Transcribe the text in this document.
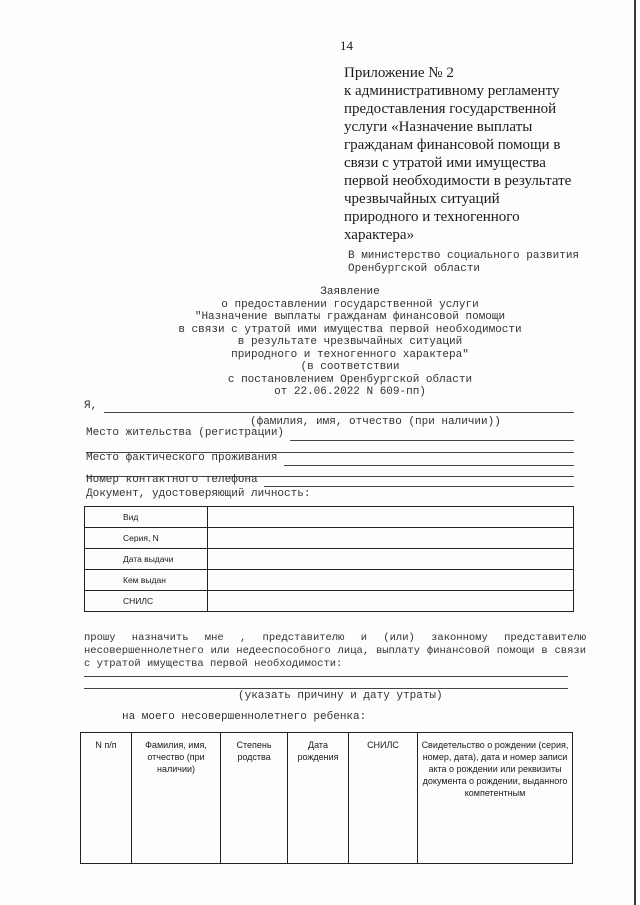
14
Приложение № 2
к административному регламенту
предоставления государственной
услуги «Назначение выплаты
гражданам финансовой помощи в
связи с утратой ими имущества
первой необходимости в результате
чрезвычайных ситуаций
природного и техногенного
характера»
В министерство социального развития
Оренбургской области
Заявление
о предоставлении государственной услуги
"Назначение выплаты гражданам финансовой помощи
в связи с утратой ими имущества первой необходимости
в результате чрезвычайных ситуаций
природного и техногенного характера"
(в соответствии
с постановлением Оренбургской области
от 22.06.2022 N 609-пп)
Я,
(фамилия, имя, отчество (при наличии))
Место жительства (регистрации)
Место фактического проживания
Номер контактного телефона
Документ, удостоверяющий личность:
Вид	
Серия, N	
Дата выдачи	
Кем выдан	
СНИЛС	
прошу назначить мне , представителю и (или) законному представителю несовершеннолетнего или недееспособного лица, выплату финансовой помощи в связи с утратой имущества первой необходимости:
(указать причину и дату утраты)
на моего несовершеннолетнего ребенка:
N п/п	Фамилия, имя, отчество (при наличии)	Степень родства	Дата рождения	СНИЛС	Свидетельство о рождении (серия, номер, дата), дата и номер записи акта о рождении или реквизиты документа о рождении, выданного компетентным
